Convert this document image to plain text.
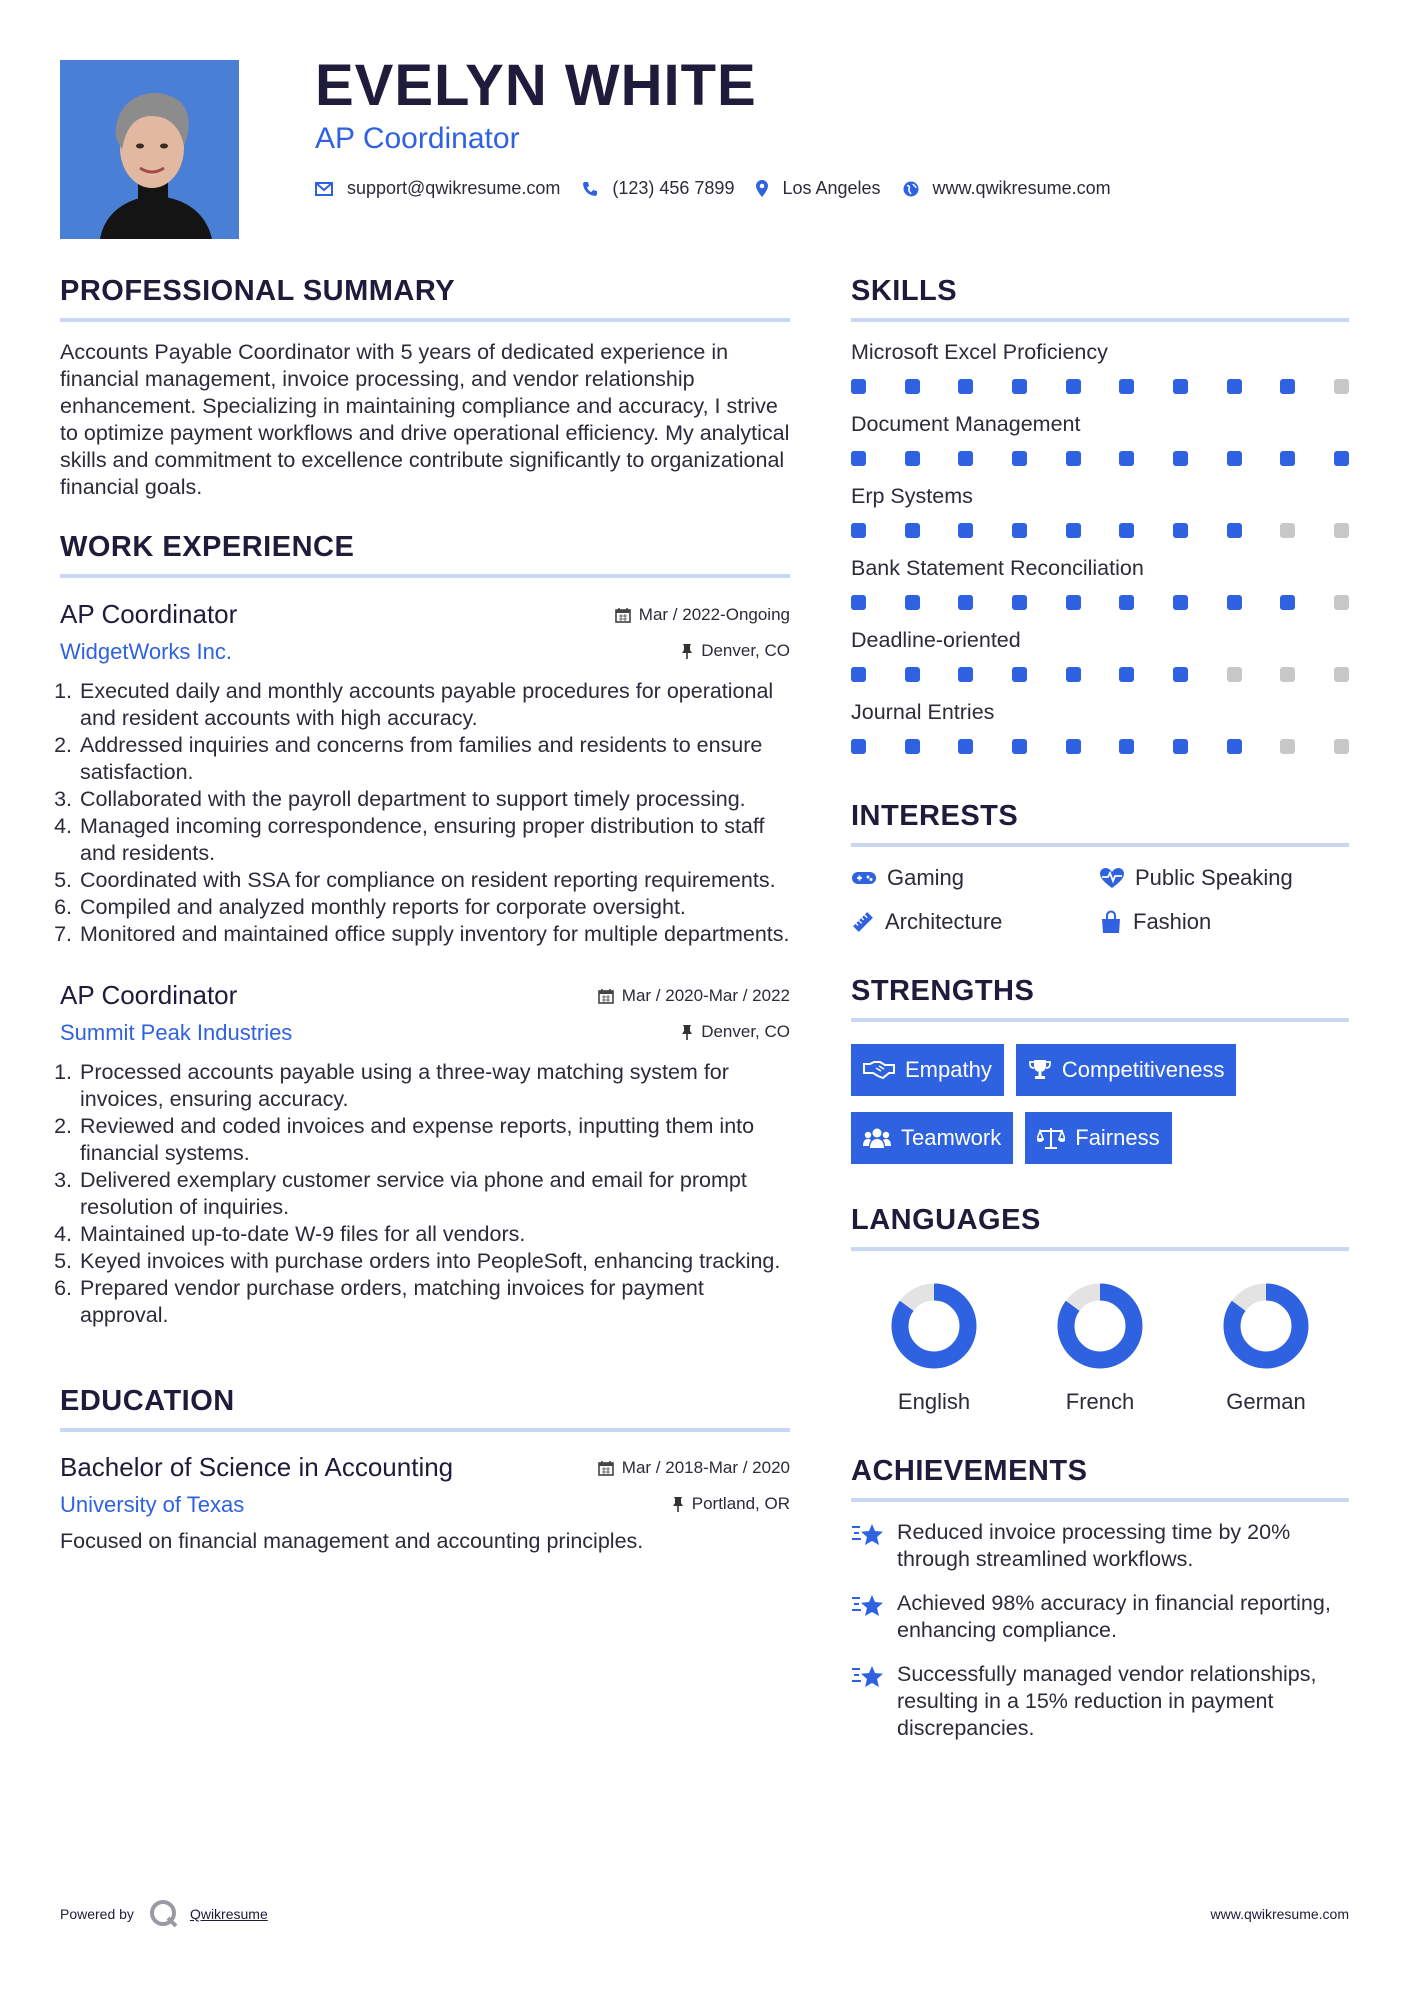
EVELYN WHITE
AP Coordinator
support@qwikresume.com	(123) 456 7899	Los Angeles	www.qwikresume.com
PROFESSIONAL SUMMARY

Accounts Payable Coordinator with 5 years of dedicated experience in financial management, invoice processing, and vendor relationship enhancement. Specializing in maintaining compliance and accuracy, I strive to optimize payment workflows and drive operational efficiency. My analytical skills and commitment to excellence contribute significantly to organizational financial goals.

WORK EXPERIENCE
AP Coordinator	Mar / 2022-Ongoing
WidgetWorks Inc.	Denver, CO
1. Executed daily and monthly accounts payable procedures for operational and resident accounts with high accuracy.
2. Addressed inquiries and concerns from families and residents to ensure satisfaction.
3. Collaborated with the payroll department to support timely processing.
4. Managed incoming correspondence, ensuring proper distribution to staff and residents.
5. Coordinated with SSA for compliance on resident reporting requirements.
6. Compiled and analyzed monthly reports for corporate oversight.
7. Monitored and maintained office supply inventory for multiple departments.
AP Coordinator	Mar / 2020-Mar / 2022
Summit Peak Industries	Denver, CO
1. Processed accounts payable using a three-way matching system for invoices, ensuring accuracy.
2. Reviewed and coded invoices and expense reports, inputting them into financial systems.
3. Delivered exemplary customer service via phone and email for prompt resolution of inquiries.
4. Maintained up-to-date W-9 files for all vendors.
5. Keyed invoices with purchase orders into PeopleSoft, enhancing tracking.
6. Prepared vendor purchase orders, matching invoices for payment approval.
EDUCATION
Bachelor of Science in Accounting	Mar / 2018-Mar / 2020
University of Texas	Portland, OR

Focused on financial management and accounting principles.

SKILLS
Microsoft Excel Proficiency
Document Management
Erp Systems
Bank Statement Reconciliation
Deadline-oriented
Journal Entries
INTERESTS
Gaming	Public Speaking
Architecture	Fashion
STRENGTHS
Empathy	Competitiveness
Teamwork	Fairness
LANGUAGES
English	French	German
ACHIEVEMENTS
Reduced invoice processing time by 20% through streamlined workflows.
Achieved 98% accuracy in financial reporting, enhancing compliance.
Successfully managed vendor relationships, resulting in a 15% reduction in payment discrepancies.
Powered by	Qwikresume	www.qwikresume.com
